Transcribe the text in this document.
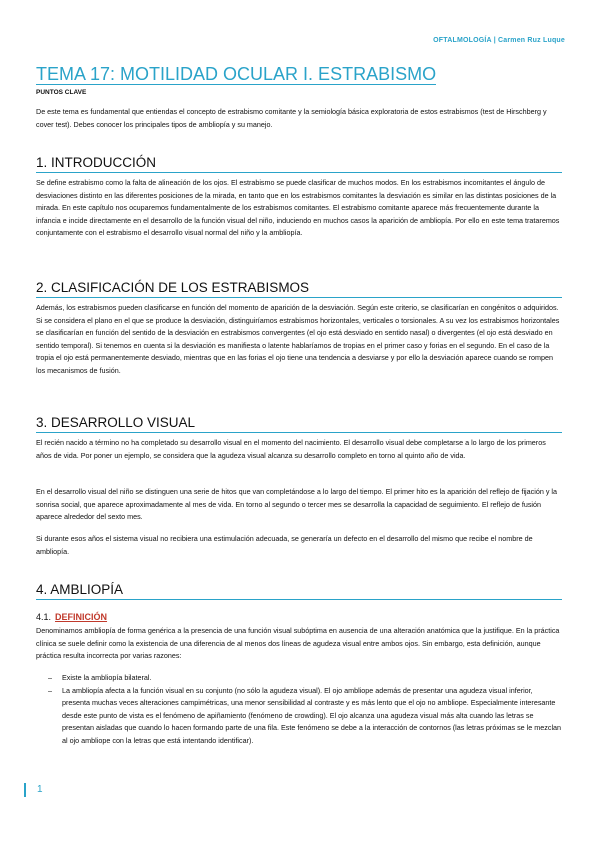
OFTALMOLOGÍA | Carmen Ruz Luque
TEMA 17: MOTILIDAD OCULAR I. ESTRABISMO
PUNTOS CLAVE

De este tema es fundamental que entiendas el concepto de estrabismo comitante y la semiología básica exploratoria de estos estrabismos (test de Hirschberg y cover test). Debes conocer los principales tipos de ambliopía y su manejo.

1. INTRODUCCIÓN

Se define estrabismo como la falta de alineación de los ojos. El estrabismo se puede clasificar de muchos modos. En los estrabismos incomitantes el ángulo de desviaciones distinto en las diferentes posiciones de la mirada, en tanto que en los estrabismos comitantes la desviación es similar en las distintas posiciones de la mirada. En este capítulo nos ocuparemos fundamentalmente de los estrabismos comitantes. El estrabismo comitante aparece más frecuentemente durante la infancia e incide directamente en el desarrollo de la función visual del niño, induciendo en muchos casos la aparición de ambliopía. Por ello en este tema trataremos conjuntamente con el estrabismo el desarrollo visual normal del niño y la ambliopía.

2. CLASIFICACIÓN DE LOS ESTRABISMOS

Además, los estrabismos pueden clasificarse en función del momento de aparición de la desviación. Según este criterio, se clasificarían en congénitos o adquiridos. Si se considera el plano en el que se produce la desviación, distinguiríamos estrabismos horizontales, verticales o torsionales. A su vez los estrabismos horizontales se clasificarían en función del sentido de la desviación en estrabismos convergentes (el ojo está desviado en sentido nasal) o divergentes (el ojo está desviado en sentido temporal). Si tenemos en cuenta si la desviación es manifiesta o latente hablaríamos de tropias en el primer caso y forias en el segundo. En el caso de la tropia el ojo está permanentemente desviado, mientras que en las forias el ojo tiene una tendencia a desviarse y por ello la desviación aparece cuando se rompen los mecanismos de fusión.

3. DESARROLLO VISUAL

El recién nacido a término no ha completado su desarrollo visual en el momento del nacimiento. El desarrollo visual debe completarse a lo largo de los primeros años de vida. Por poner un ejemplo, se considera que la agudeza visual alcanza su desarrollo completo en torno al quinto año de vida.

En el desarrollo visual del niño se distinguen una serie de hitos que van completándose a lo largo del tiempo. El primer hito es la aparición del reflejo de fijación y la sonrisa social, que aparece aproximadamente al mes de vida. En torno al segundo o tercer mes se desarrolla la capacidad de seguimiento. El reflejo de fusión aparece alrededor del sexto mes.

Si durante esos años el sistema visual no recibiera una estimulación adecuada, se generaría un defecto en el desarrollo del mismo que recibe el nombre de ambliopía.

4. AMBLIOPÍA
4.1. DEFINICIÓN

Denominamos ambliopía de forma genérica a la presencia de una función visual subóptima en ausencia de una alteración anatómica que la justifique. En la práctica clínica se suele definir como la existencia de una diferencia de al menos dos líneas de agudeza visual entre ambos ojos. Sin embargo, esta definición, aunque práctica resulta incorrecta por varias razones:

– Existe la ambliopía bilateral.
– La ambliopía afecta a la función visual en su conjunto (no sólo la agudeza visual). El ojo ambliope además de presentar una agudeza visual inferior, presenta muchas veces alteraciones campimétricas, una menor sensibilidad al contraste y es más lento que el ojo no ambliope. Especialmente interesante desde este punto de vista es el fenómeno de apiñamiento (fenómeno de crowding). El ojo alcanza una agudeza visual más alta cuando las letras se presentan aisladas que cuando lo hacen formando parte de una fila. Este fenómeno se debe a la interacción de contornos (las letras próximas se le mezclan al ojo ambliope con la letras que está intentando identificar).
1
